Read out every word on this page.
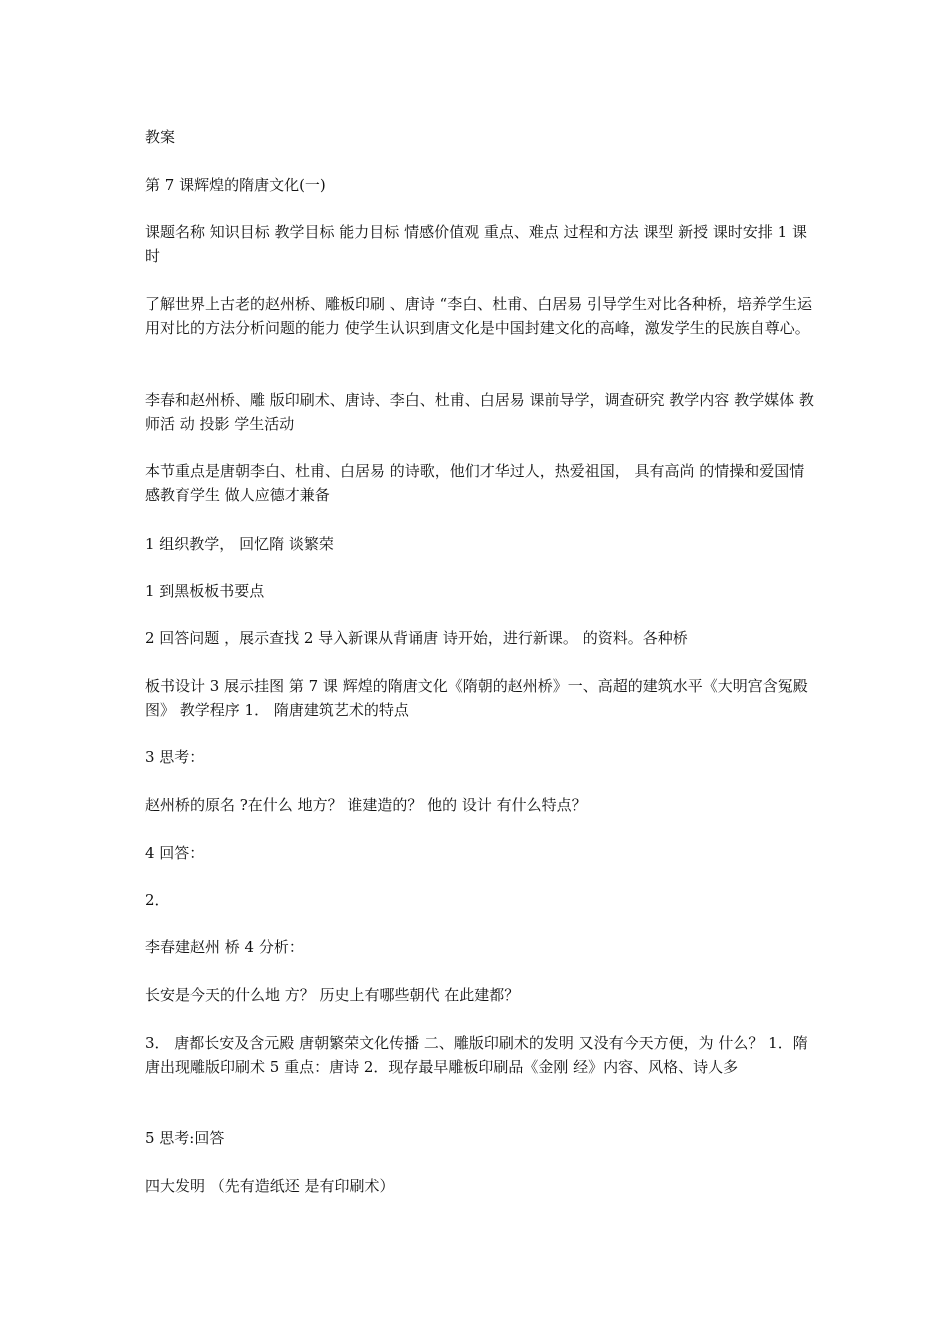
教案

第 7 课辉煌的隋唐文化(一)

课题名称 知识目标 教学目标 能力目标 情感价值观 重点、难点 过程和方法 课型 新授 课时安排 1 课时

了解世界上古老的赵州桥、雕板印刷 、唐诗 “李白、杜甫、白居易 引导学生对比各种桥，培养学生运用对比的方法分析问题的能力 使学生认识到唐文化是中国封建文化的高峰，激发学生的民族自尊心。

李春和赵州桥、雕 版印刷术、唐诗、李白、杜甫、白居易 课前导学，调查研究 教学内容 教学媒体 教师活 动 投影 学生活动

本节重点是唐朝李白、杜甫、白居易 的诗歌，他们才华过人，热爱祖国， 具有高尚 的情操和爱国情感教育学生 做人应德才兼备

1 组织教学， 回忆隋 谈繁荣

1 到黑板板书要点

2 回答问题 ，展示查找 2 导入新课从背诵唐 诗开始，进行新课。 的资料。各种桥

板书设计 3 展示挂图 第 7 课 辉煌的隋唐文化《隋朝的赵州桥》一、高超的建筑水平《大明宫含冤殿图》 教学程序 1． 隋唐建筑艺术的特点

3 思考：

赵州桥的原名 ?在什么 地方？ 谁建造的？ 他的 设计 有什么特点？

4 回答：

2．

李春建赵州 桥 4 分析：

长安是今天的什么地 方？ 历史上有哪些朝代 在此建都？

3． 唐都长安及含元殿 唐朝繁荣文化传播 二、雕版印刷术的发明 又没有今天方便，为 什么？ 1．隋唐出现雕版印刷术 5 重点：唐诗 2．现存最早雕板印刷品《金刚 经》内容、风格、诗人多

5 思考:回答

四大发明 （先有造纸还 是有印刷术）
